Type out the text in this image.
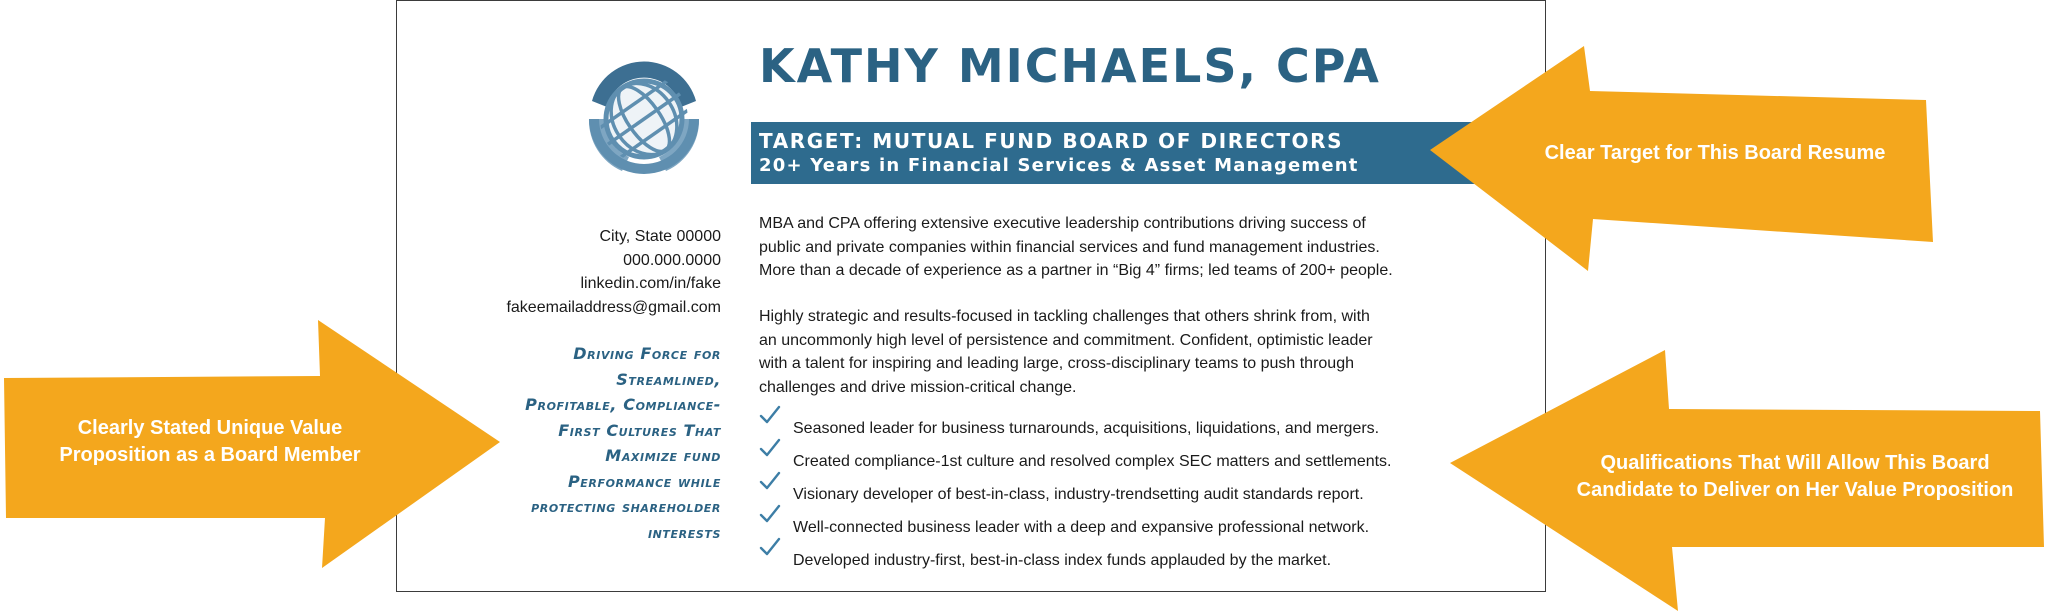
KATHY MICHAELS, CPA
TARGET: MUTUAL FUND BOARD OF DIRECTORS
20+ Years in Financial Services & Asset Management
City, State 00000
000.000.0000
linkedin.com/in/fake
fakeemailaddress@gmail.com
Driving Force for
Streamlined,
Profitable, Compliance-
First Cultures That
Maximize fund
Performance while
protecting shareholder
interests
MBA and CPA offering extensive executive leadership contributions driving success of
public and private companies within financial services and fund management industries.
More than a decade of experience as a partner in “Big 4” firms; led teams of 200+ people.
Highly strategic and results-focused in tackling challenges that others shrink from, with
an uncommonly high level of persistence and commitment. Confident, optimistic leader
with a talent for inspiring and leading large, cross-disciplinary teams to push through
challenges and drive mission-critical change.
Seasoned leader for business turnarounds, acquisitions, liquidations, and mergers.
Created compliance-1st culture and resolved complex SEC matters and settlements.
Visionary developer of best-in-class, industry-trendsetting audit standards report.
Well-connected business leader with a deep and expansive professional network.
Developed industry-first, best-in-class index funds applauded by the market.
Clear Target for This Board Resume
Clearly Stated Unique Value
Proposition as a Board Member	Qualifications That Will Allow This Board
Candidate to Deliver on Her Value Proposition
